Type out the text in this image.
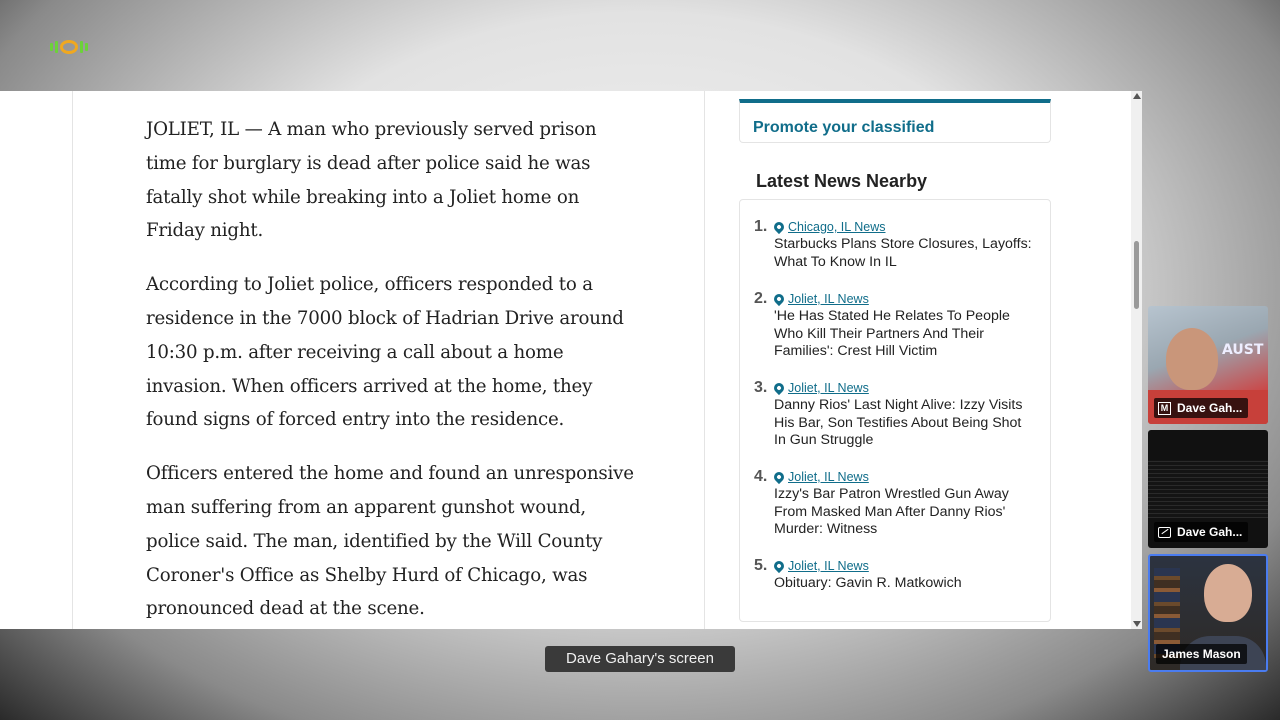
JOLIET, IL — A man who previously served prison time for burglary is dead after police said he was fatally shot while breaking into a Joliet home on Friday night.

According to Joliet police, officers responded to a residence in the 7000 block of Hadrian Drive around 10:30 p.m. after receiving a call about a home invasion. When officers arrived at the home, they found signs of forced entry into the residence.

Officers entered the home and found an unresponsive man suffering from an apparent gunshot wound, police said. The man, identified by the Will County Coroner's Office as Shelby Hurd of Chicago, was pronounced dead at the scene.

Promote your classified
Latest News Nearby
1. Chicago, IL News
Starbucks Plans Store Closures, Layoffs: What To Know In IL
2. Joliet, IL News
'He Has Stated He Relates To People Who Kill Their Partners And Their Families': Crest Hill Victim
3. Joliet, IL News
Danny Rios' Last Night Alive: Izzy Visits His Bar, Son Testifies About Being Shot In Gun Struggle
4. Joliet, IL News
Izzy's Bar Patron Wrestled Gun Away From Masked Man After Danny Rios' Murder: Witness
5. Joliet, IL News
Obituary: Gavin R. Matkowich
Dave Gahary's screen
AUST
M Dave Gah...
Dave Gah...
James Mason
